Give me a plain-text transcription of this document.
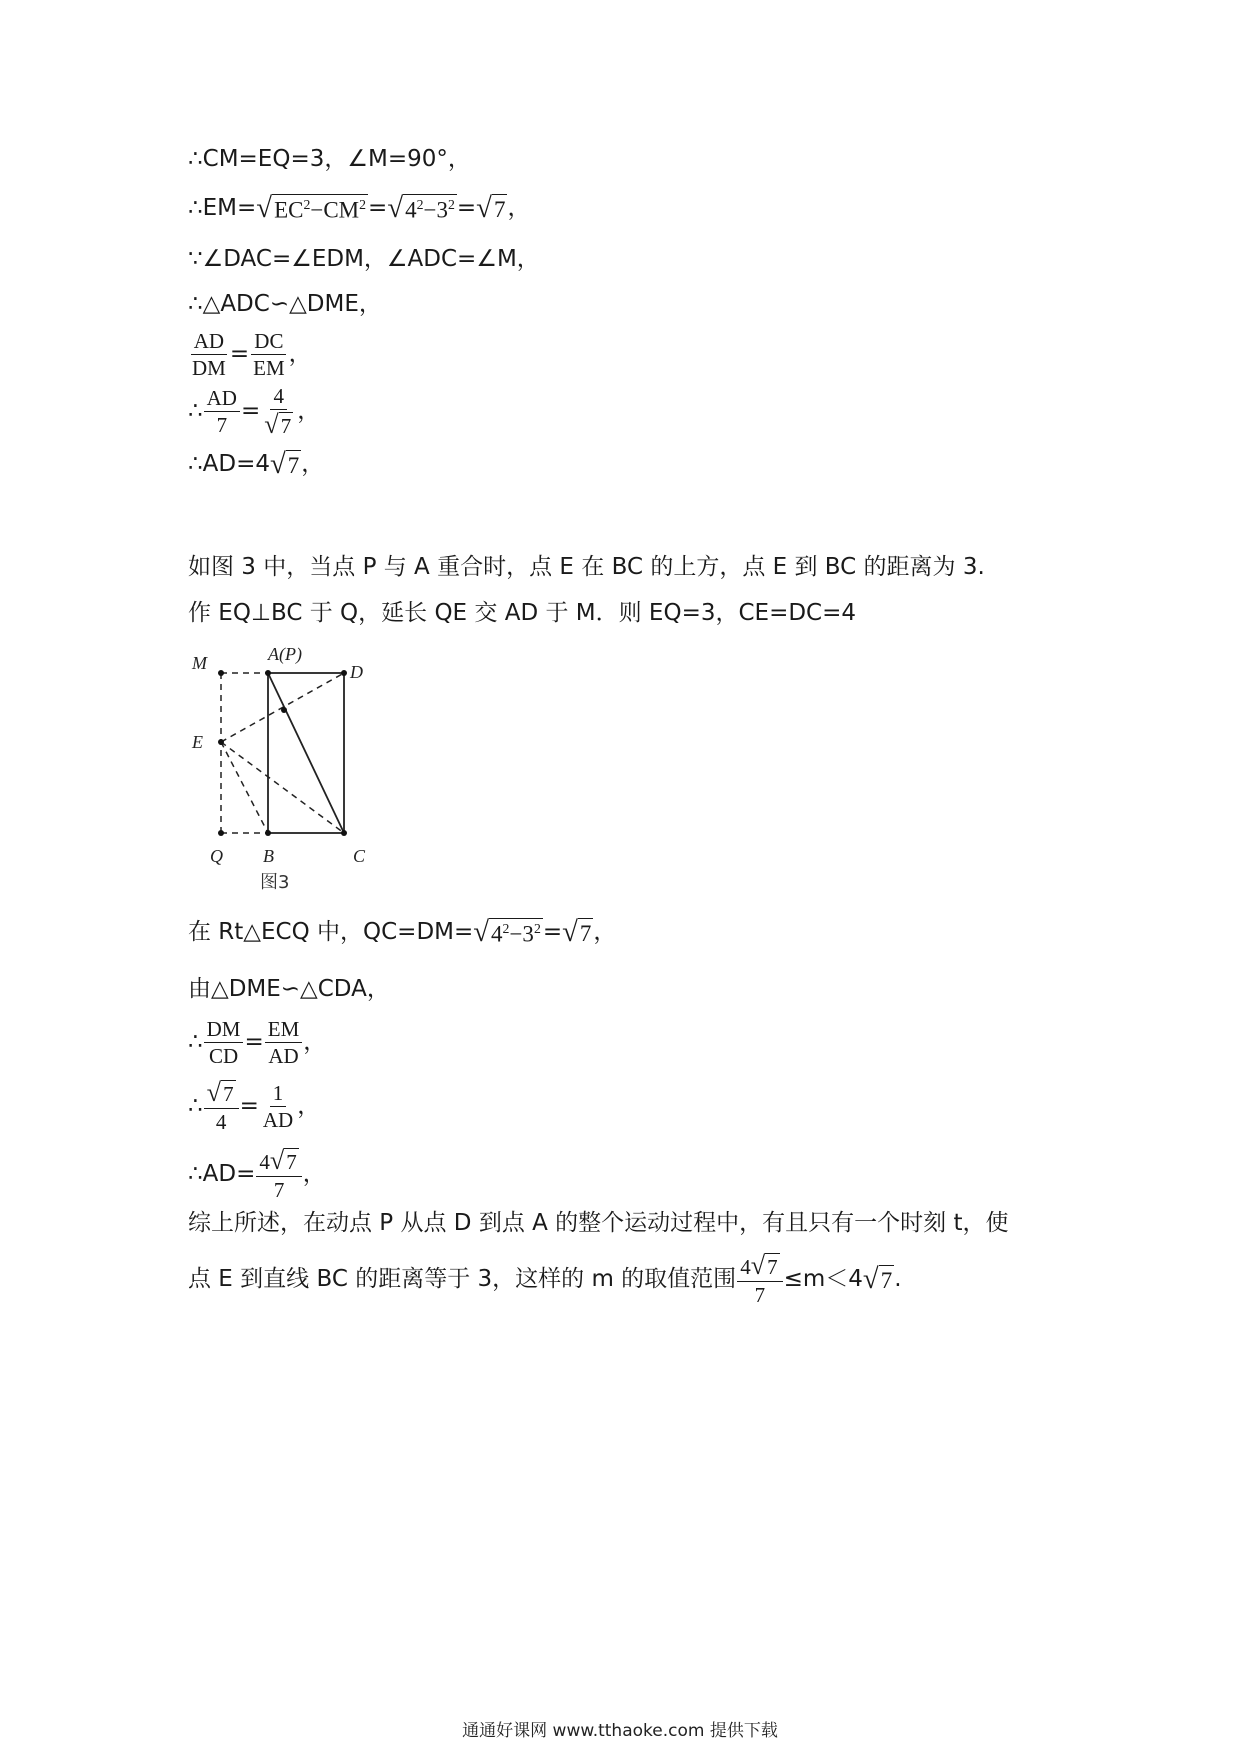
∴CM=EQ=3，∠M=90°，
∴EM= √ $EC^2-CM^2$ = √ $4^2-3^2$ = √ 7 ，
∵∠DAC=∠EDM，∠ADC=∠M，
∴△ADC∽△DME，
$\frac{AD}{DM} = \frac{DC}{EM}$ ，
∴ $\frac{AD}{7} = \frac{4}{√ 7}$ ，
∴AD=4 √ 7 ，
如图 3 中，当点 P 与 A 重合时，点 E 在 BC 的上方，点 E 到 BC 的距离为 3.
作 EQ⊥BC 于 Q，延长 QE 交 AD 于 M．则 EQ=3，CE=DC=4
M	A(P)
D
E
Q B	C
图3
在 Rt△ECQ 中，QC=DM= √ $4^2-3^2$ = √ 7 ，
由△DME∽△CDA，
∴ $\frac{DM}{CD} = \frac{EM}{AD}$ ，
∴ $\frac{√ 7}{4} = \frac{1}{AD}$ ，
∴AD= $\frac{4 √ 7}{7}$ ，
综上所述，在动点 P 从点 D 到点 A 的整个运动过程中，有且只有一个时刻 t，使
点 E 到直线 BC 的距离等于 3，这样的 m 的取值范围 $\frac{4 √ 7}{7} \le m<4$ √ 7 .
通通好课网 www.tthaoke.com 提供下载
